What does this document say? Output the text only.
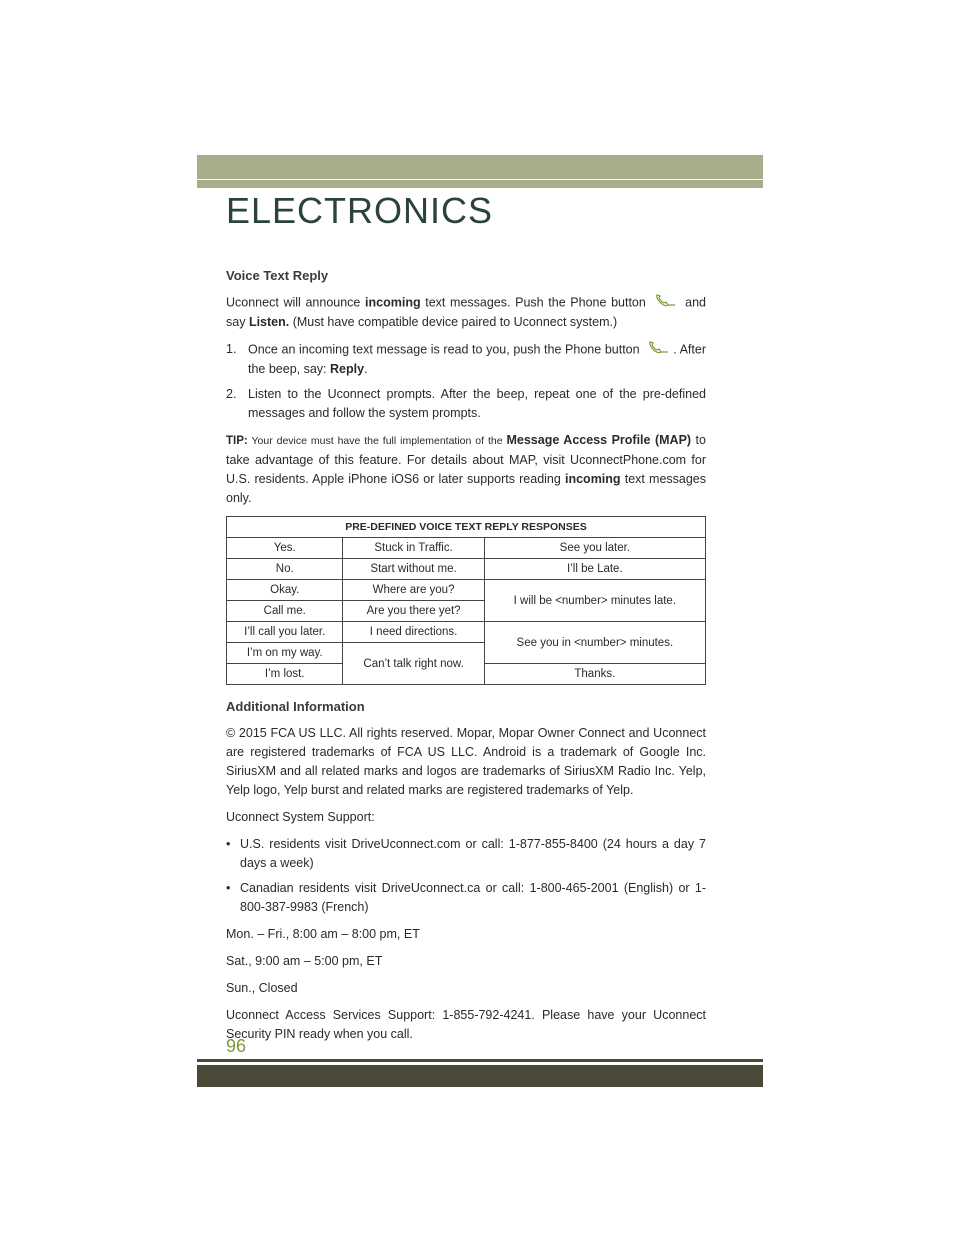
ELECTRONICS
Voice Text Reply

Uconnect will announce incoming text messages. Push the Phone button  and say Listen. (Must have compatible device paired to Uconnect system.)

1. Once an incoming text message is read to you, push the Phone button . After the beep, say: Reply.
2. Listen to the Uconnect prompts. After the beep, repeat one of the pre-defined messages and follow the system prompts.

TIP: Your device must have the full implementation of the Message Access Profile (MAP) to take advantage of this feature. For details about MAP, visit UconnectPhone.com for U.S. residents. Apple iPhone iOS6 or later supports reading incoming text messages only.

PRE-DEFINED VOICE TEXT REPLY RESPONSES		
Yes.	Stuck in Traffic.	See you later.
No.	Start without me.	I’ll be Late.
Okay.	Where are you?	I will be <number> minutes late.
Call me.	Are you there yet?	
I’ll call you later.	I need directions.	See you in <number> minutes.
I’m on my way.	Can’t talk right now.	
I’m lost.		Thanks.
Additional Information

© 2015 FCA US LLC. All rights reserved. Mopar, Mopar Owner Connect and Uconnect are registered trademarks of FCA US LLC. Android is a trademark of Google Inc. SiriusXM and all related marks and logos are trademarks of SiriusXM Radio Inc. Yelp, Yelp logo, Yelp burst and related marks are registered trademarks of Yelp.

Uconnect System Support:

• U.S. residents visit DriveUconnect.com or call: 1-877-855-8400 (24 hours a day 7 days a week)
• Canadian residents visit DriveUconnect.ca or call: 1-800-465-2001 (English) or 1-800-387-9983 (French)

Mon. – Fri., 8:00 am – 8:00 pm, ET

Sat., 9:00 am – 5:00 pm, ET

Sun., Closed

Uconnect Access Services Support: 1-855-792-4241. Please have your Uconnect Security PIN ready when you call.

96
